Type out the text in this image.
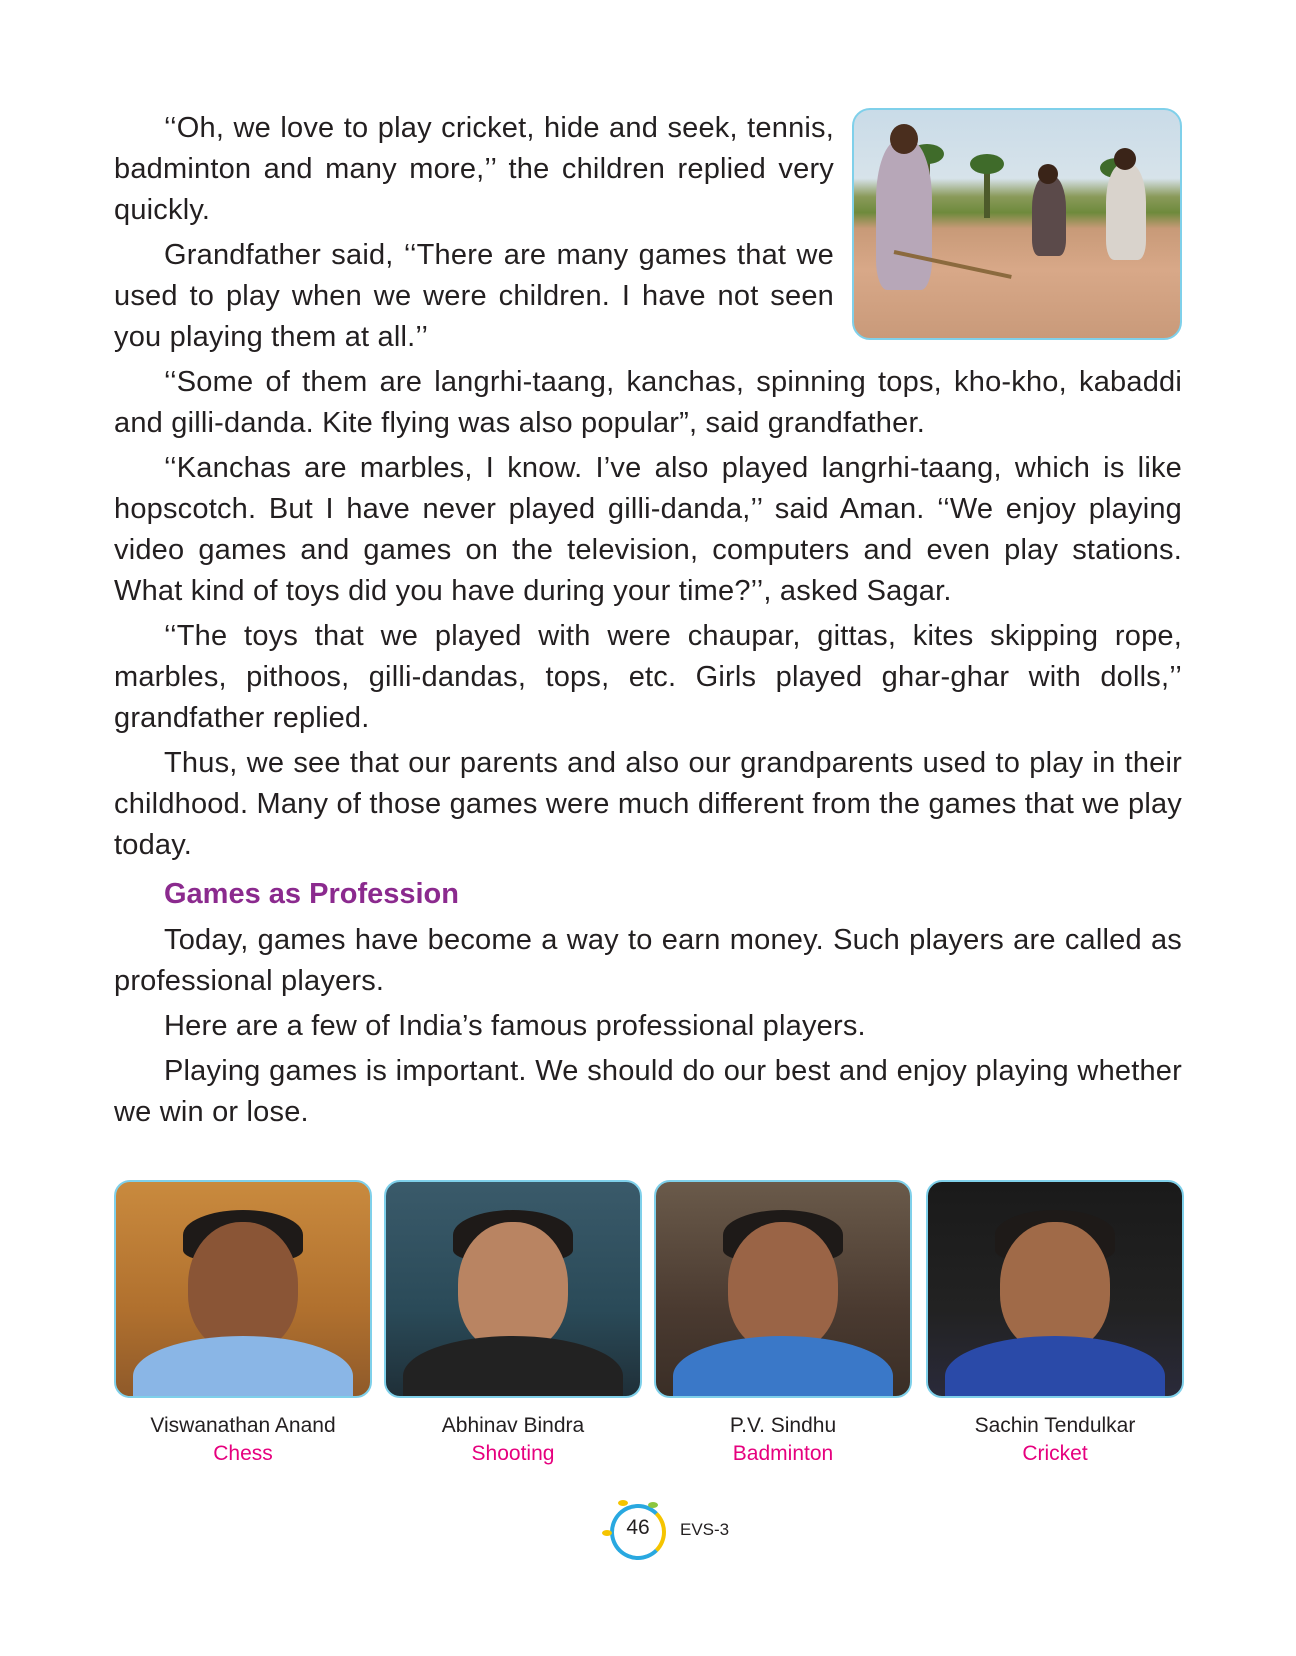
‘‘Oh, we love to play cricket, hide and seek, tennis, badminton and many more,’’ the children replied very quickly.

Grandfather said, ‘‘There are many games that we used to play when we were children. I have not seen you playing them at all.’’

‘‘Some of them are langrhi-taang, kanchas, spinning tops, kho-kho, kabaddi and gilli-danda. Kite flying was also popular”, said grandfather.

‘‘Kanchas are marbles, I know. I’ve also played langrhi-taang, which is like hopscotch. But I have never played gilli-danda,’’ said Aman. ‘‘We enjoy playing video games and games on the television, computers and even play stations. What kind of toys did you have during your time?’’, asked Sagar.

‘‘The toys that we played with were chaupar, gittas, kites skipping rope, marbles, pithoos, gilli-dandas, tops, etc. Girls played ghar-ghar with dolls,’’ grandfather replied.

Thus, we see that our parents and also our grandparents used to play in their childhood. Many of those games were much different from the games that we play today.

Games as Profession

Today, games have become a way to earn money. Such players are called as professional players.

Here are a few of India’s famous professional players.

Playing games is important. We should do our best and enjoy playing whether we win or lose.

Viswanathan Anand
Chess
Abhinav Bindra
Shooting
P.V. Sindhu
Badminton
Sachin Tendulkar
Cricket
46	EVS-3
